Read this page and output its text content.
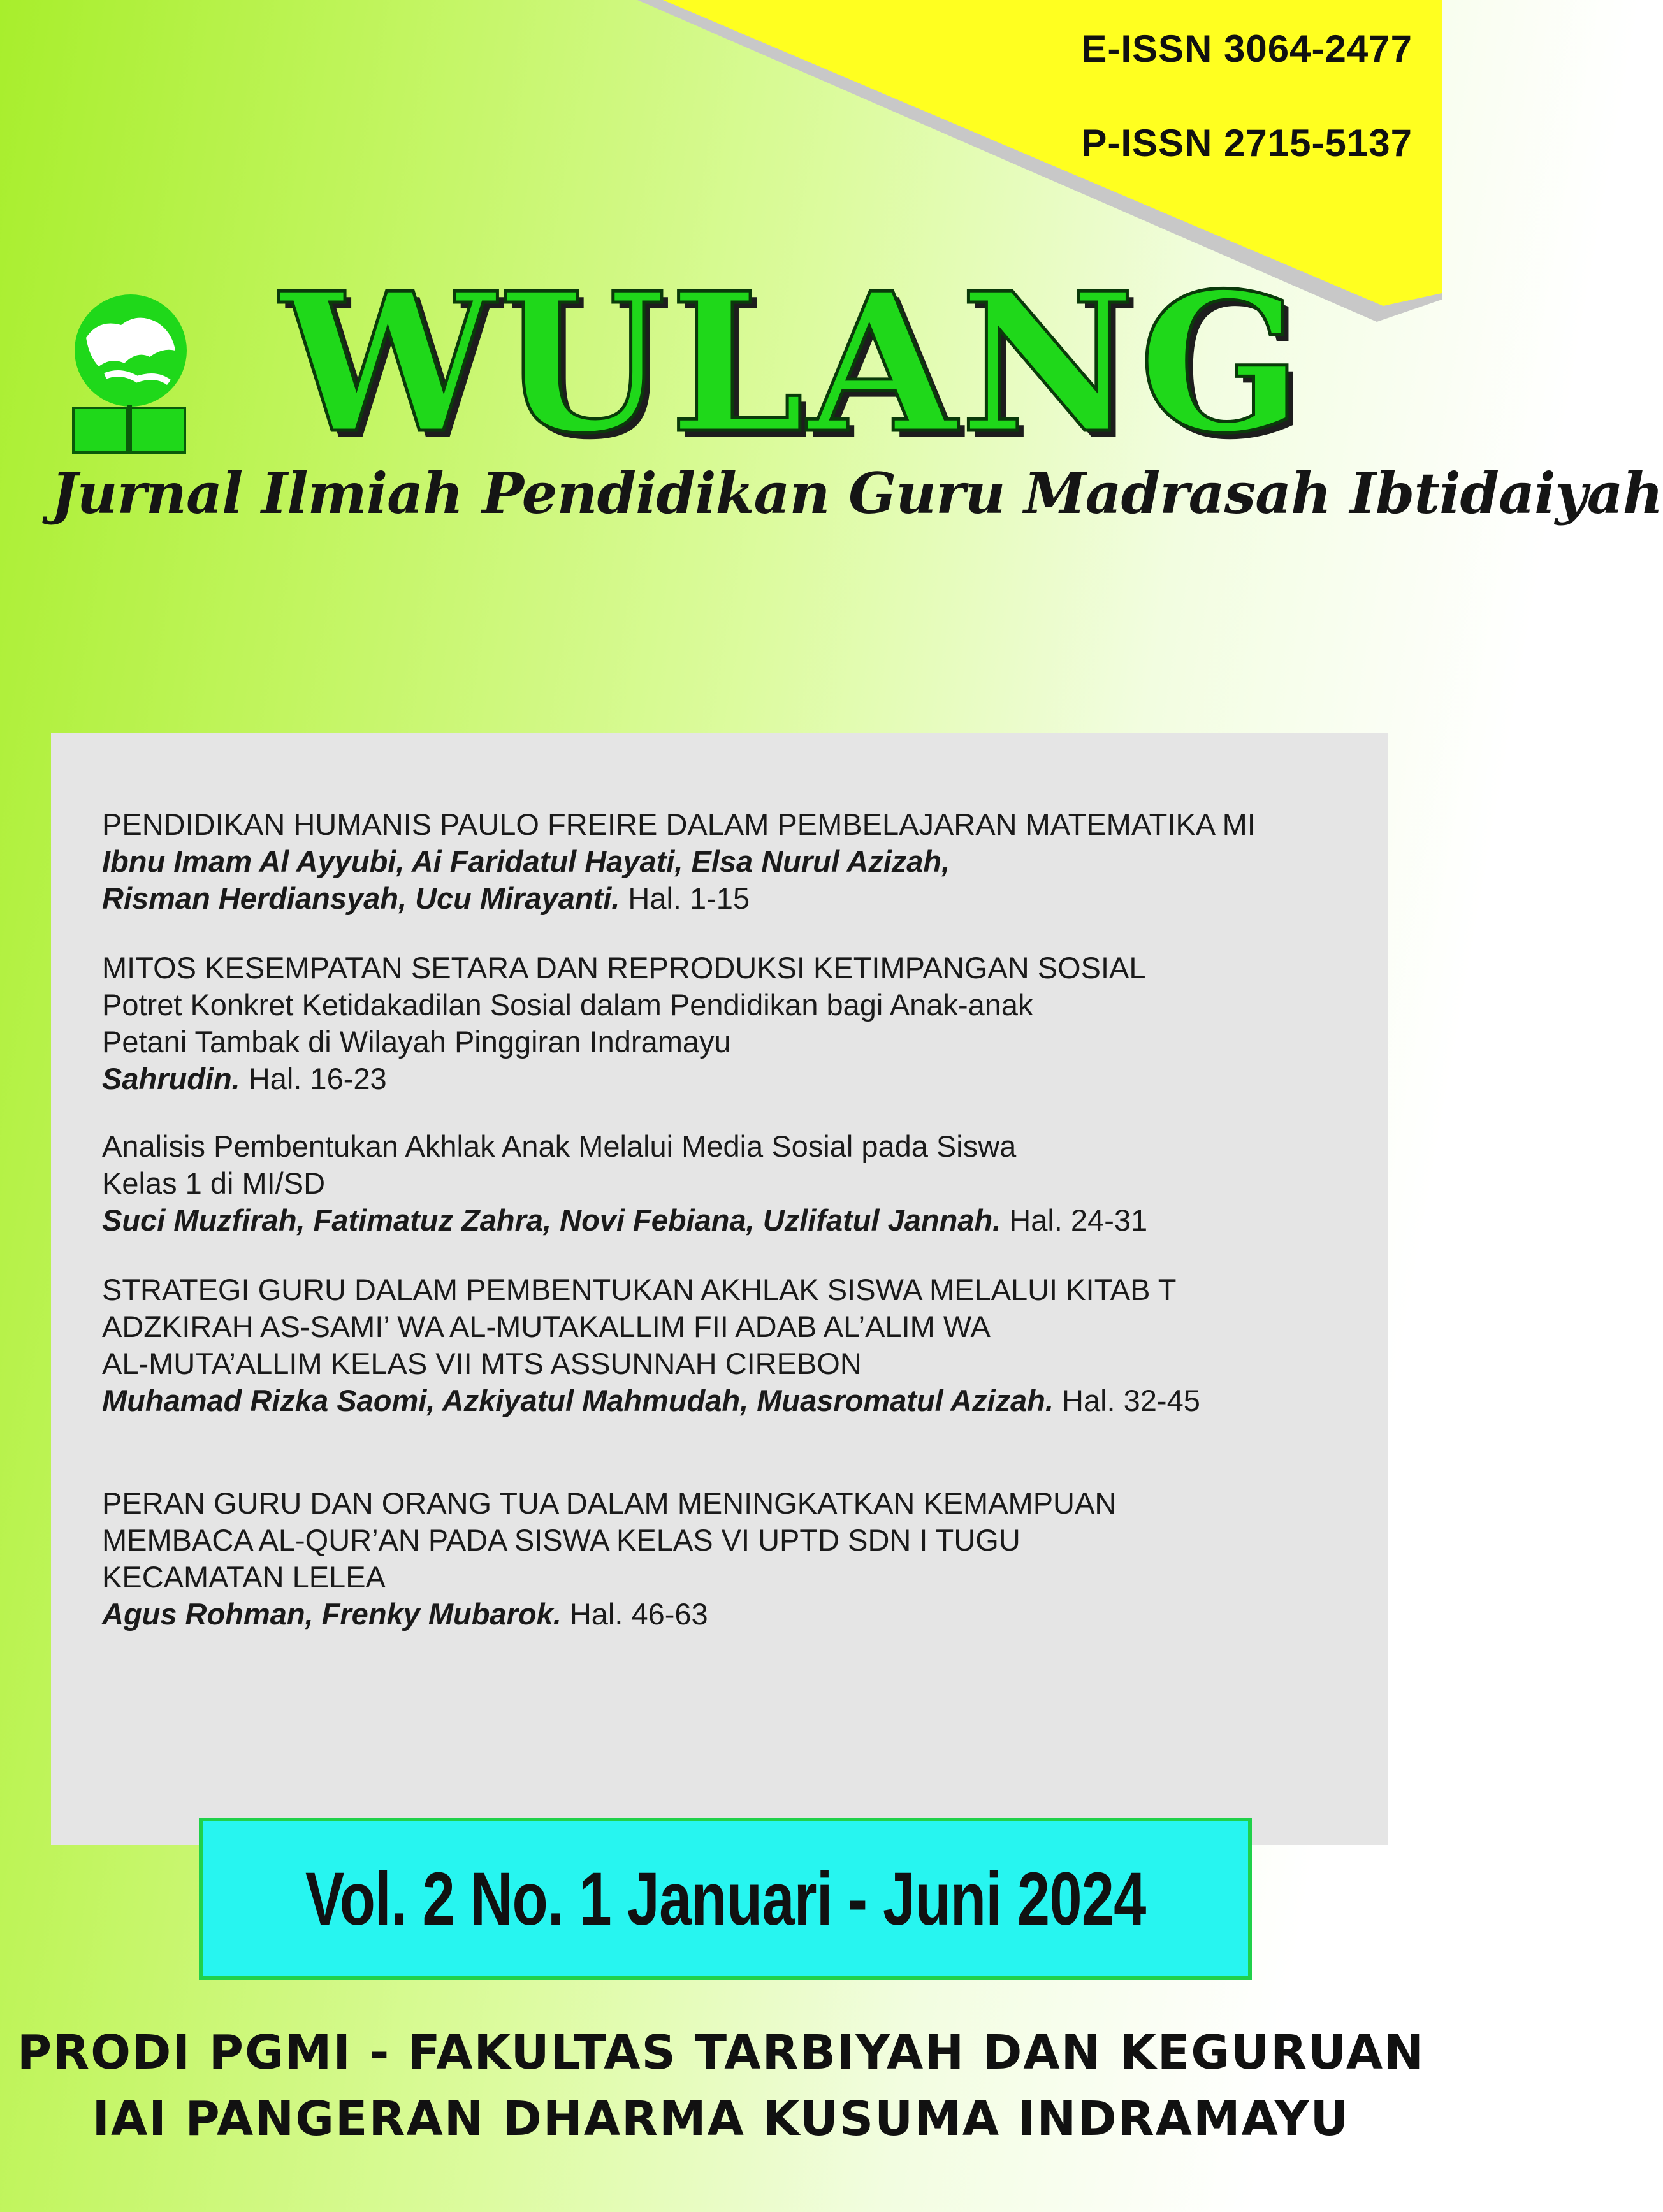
E-ISSN 3064-2477
P-ISSN 2715-5137
WULANG
Jurnal Ilmiah Pendidikan Guru Madrasah Ibtidaiyah
PENDIDIKAN HUMANIS PAULO FREIRE DALAM PEMBELAJARAN MATEMATIKA MI
Ibnu Imam Al Ayyubi, Ai Faridatul Hayati, Elsa Nurul Azizah,
Risman Herdiansyah, Ucu Mirayanti. Hal. 1-15
MITOS KESEMPATAN SETARA DAN REPRODUKSI KETIMPANGAN SOSIAL
Potret Konkret Ketidakadilan Sosial dalam Pendidikan bagi Anak-anak
Petani Tambak di Wilayah Pinggiran Indramayu
Sahrudin. Hal. 16-23
Analisis Pembentukan Akhlak Anak Melalui Media Sosial pada Siswa
Kelas 1 di MI/SD
Suci Muzfirah, Fatimatuz Zahra, Novi Febiana, Uzlifatul Jannah. Hal. 24-31
STRATEGI GURU DALAM PEMBENTUKAN AKHLAK SISWA MELALUI KITAB T
ADZKIRAH AS-SAMI’ WA AL-MUTAKALLIM FII ADAB AL’ALIM WA
AL-MUTA’ALLIM KELAS VII MTS ASSUNNAH CIREBON
Muhamad Rizka Saomi, Azkiyatul Mahmudah, Muasromatul Azizah. Hal. 32-45
PERAN GURU DAN ORANG TUA DALAM MENINGKATKAN KEMAMPUAN
MEMBACA AL-QUR’AN PADA SISWA KELAS VI UPTD SDN I TUGU
KECAMATAN LELEA
Agus Rohman, Frenky Mubarok. Hal. 46-63
Vol. 2 No. 1 Januari - Juni 2024
PRODI PGMI - FAKULTAS TARBIYAH DAN KEGURUAN
IAI PANGERAN DHARMA KUSUMA INDRAMAYU
